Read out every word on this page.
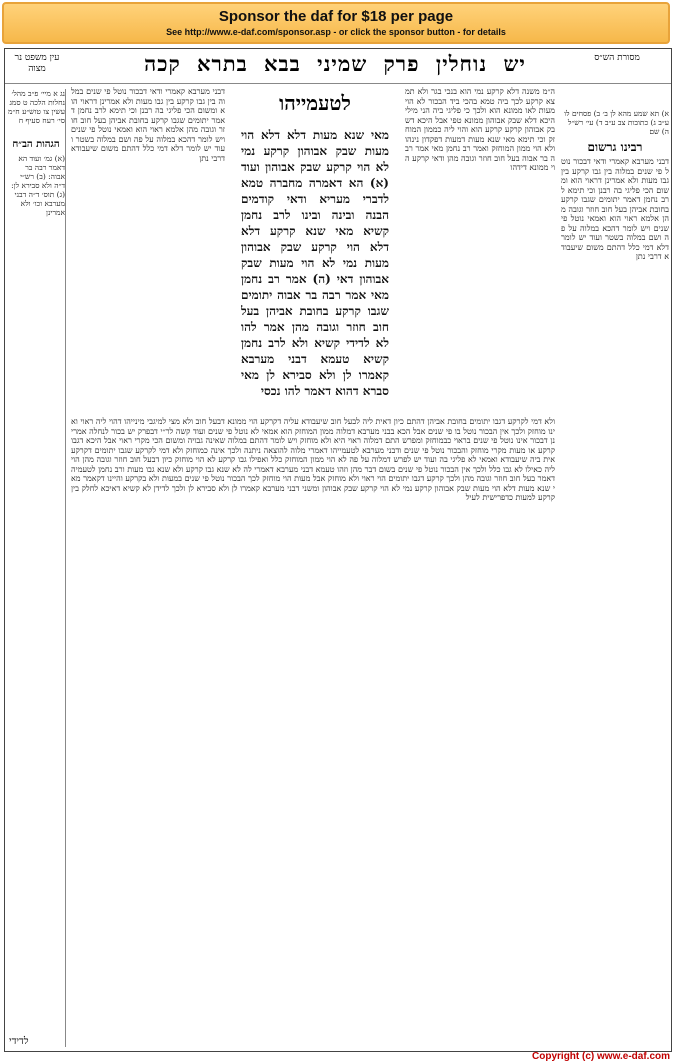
Sponsor the daf for $18 per page
See http://www.e-daf.com/sponsor.asp - or click the sponsor button - for details
יש נוחלין פרק שמיני בבא בתרא קכה	מסורת הש״ס
עין משפט נר מצוה
א) תא שמע מהא לן ב׳ ב) פסחים לו ע״ב ג) כתובות צב ע״ב ד) עי׳ רש״ל ה) שם
רבינו גרשום
דבני מערבא קאמרי ודאי דבכור נוטל פי שנים במלוה בין גבו קרקע בין גבו מעות ולא אמרינן דראוי הוא ומשום הכי פליגי בה רבנן וכי תימא לרב נחמן דאמר יתומים שגבו קרקע בחובת אביהן בעל חוב חוזר וגובה מהן אלמא ראוי הוא ואמאי נוטל פי שנים ויש לומר דהכא במלוה על פה ושם במלוה בשטר ועוד יש לומר דלא דמי כלל דהתם משום שיעבודא דרבי נתן
נג א מיי׳ פ״ב מהל׳ נחלות הלכה ט סמג עשין צו טוש״ע ח״מ סי׳ רעח סעיף ח
הגהות הב״ח
(א) גמ׳ ועוד הא דאמר רבה בר אבוה: (ב) רש״י ד״ה ולא סבירא לן: (ג) תוס׳ ד״ה דבני מערבא וכו׳ ולא אמרינן
ה״מ משנה דלא קרקע נמי הוא בנכי בגר ולא תמצא קרקע לכך ביה טמא בהכי ביד הבכור לא הוי מעות לאו ממונא הוא ולכך כי פליגי ביה הני מילי היכא דלא שבק אבוהון ממונא טפי אבל היכא דשבק אבוהון קרקע קרקע הוא והוי ליה כממון המוחזק וכי תימא מאי שנא מעות דמעות דפקדון נינהו ולא הוי ממון המוחזק ואמר רב נחמן מאי אמר רבה בר אבוה בעל חוב חוזר וגובה מהן ודאי קרקע הוי ממונא דידהו
דבני מערבא קאמרי ודאי דבכור נוטל פי שנים במלוה בין גבו קרקע בין גבו מעות ולא אמרינן דראוי הוא ומשום הכי פליגי בה רבנן וכי תימא לרב נחמן דאמר יתומים שגבו קרקע בחובת אביהן בעל חוב חוזר וגובה מהן אלמא ראוי הוא ואמאי נוטל פי שנים ויש לומר דהכא במלוה על פה ושם במלוה בשטר ועוד יש לומר דלא דמי כלל דהתם משום שיעבודא דרבי נתן
לטעמייהו
מאי שנא מעות דלא דלא הוי מעות שבק אבוהון קרקע נמי לא הוי קרקע שבק אבוהון ועוד (א) הא דאמרה מחברה טמא לדברי מעריא ודאי קודמים הבנה ובינה ובינו לרב נחמן קשיא מאי שנא קרקע דלא דלא הוי קרקע שבק אבוהון מעות נמי לא הוי מעות שבק אבוהון דאי (ה) אמר רב נחמן מאי אמר רבה בר אבוה יתומים שגבו קרקע בחובת אביהן בעל חוב חוזר וגובה מהן אמר להו לא לדידי קשיא ולא לרב נחמן קשיא טעמא דבני מערבא קאמרו לן ולא סבירא לן מאי סברא דהוא דאמר להו נכסי
ולא דמי לקרקע דגבו יתומים בחובת אביהן דהתם כיון דאית ליה לבעל חוב שיעבודא עליה דקרקע הוי ממונא דבעל חוב ולא מצי למיגבי מינייהו דהוי ליה ראוי ואינו מוחזק ולכך אין הבכור נוטל בו פי שנים אבל הכא בבני מערבא דמלוה ממון המוחזק הוא אמאי לא נוטל פי שנים ועוד קשה לר״י דבפרק יש בכור לנחלה אמרינן דבכור אינו נוטל פי שנים בראוי כבמוחזק ומפרש התם דמלוה ראוי היא ולא מוחזק ויש לומר דהתם במלוה שאינה גבויה ומשום הכי מקרי ראוי אבל היכא דגבו קרקע או מעות מקרי מוחזק והבכור נוטל פי שנים ודבני מערבא לטעמייהו דאמרי מלוה להוצאה ניתנה ולכך אינה כמוחזק ולא דמי לקרקע שגבו יתומים דקרקע אית ביה שיעבודא ואמאי לא פליגי בה ועוד יש לפרש דמלוה על פה לא הוי ממון המוחזק כלל ואפילו גבו קרקע לא הוי מוחזק כיון דבעל חוב חוזר וגובה מהן הוי ליה כאילו לא גבו כלל ולכך אין הבכור נוטל פי שנים בשום דבר מהן וזהו טעמא דבני מערבא דאמרי לה לא שנא גבו קרקע ולא שנא גבו מעות ורב נחמן לטעמיה דאמר בעל חוב חוזר וגובה מהן ולכך קרקע דגבו יתומים הוי ראוי ולא מוחזק אבל מעות הוי מוחזק לכך הבכור נוטל פי שנים במעות ולא בקרקע והיינו דקאמר מאי שנא מעות דלא הוי מעות שבק אבוהון קרקע נמי לא הוי קרקע שבק אבוהון ומשני דבני מערבא קאמרו לן ולא סבירא לן ולכך לדידן לא קשיא דאיכא לחלק בין קרקע למעות כדפרישית לעיל
לדידי
Copyright (c) www.e-daf.com
